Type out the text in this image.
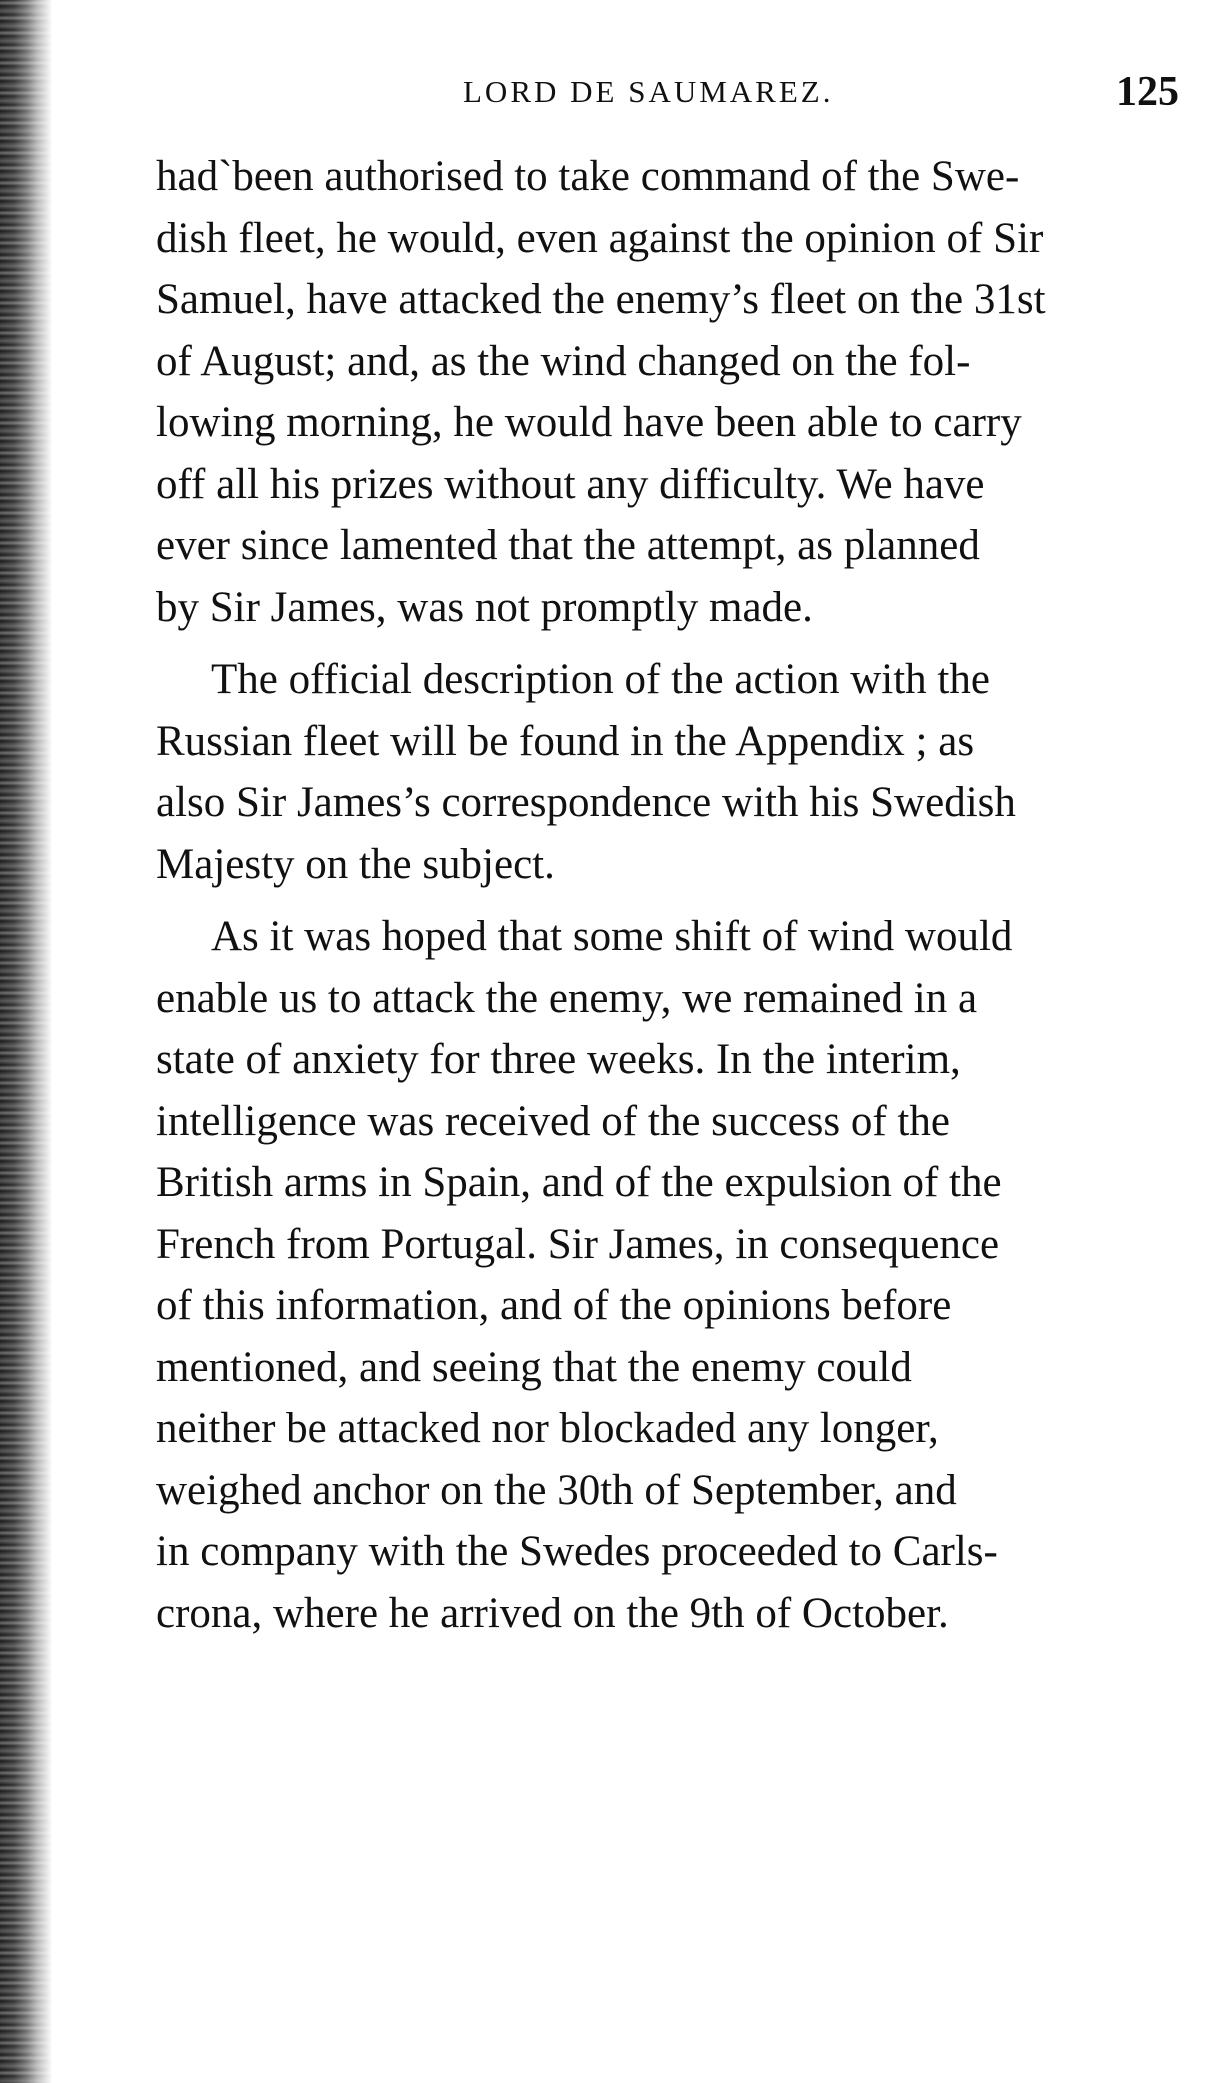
LORD DE SAUMAREZ.	125
hadˋbeen authorised to take command of the Swe-
dish fleet, he would, even against the opinion of Sir
Samuel, have attacked the enemy’s fleet on the 31st
of August; and, as the wind changed on the fol-
lowing morning, he would have been able to carry
off all his prizes without any difficulty. We have
ever since lamented that the attempt, as planned
by Sir James, was not promptly made.
The official description of the action with the
Russian fleet will be found in the Appendix ; as
also Sir James’s correspondence with his Swedish
Majesty on the subject.
As it was hoped that some shift of wind would
enable us to attack the enemy, we remained in a
state of anxiety for three weeks. In the interim,
intelligence was received of the success of the
British arms in Spain, and of the expulsion of the
French from Portugal. Sir James, in consequence
of this information, and of the opinions before
mentioned, and seeing that the enemy could
neither be attacked nor blockaded any longer,
weighed anchor on the 30th of September, and
in company with the Swedes proceeded to Carls-
crona, where he arrived on the 9th of October.
